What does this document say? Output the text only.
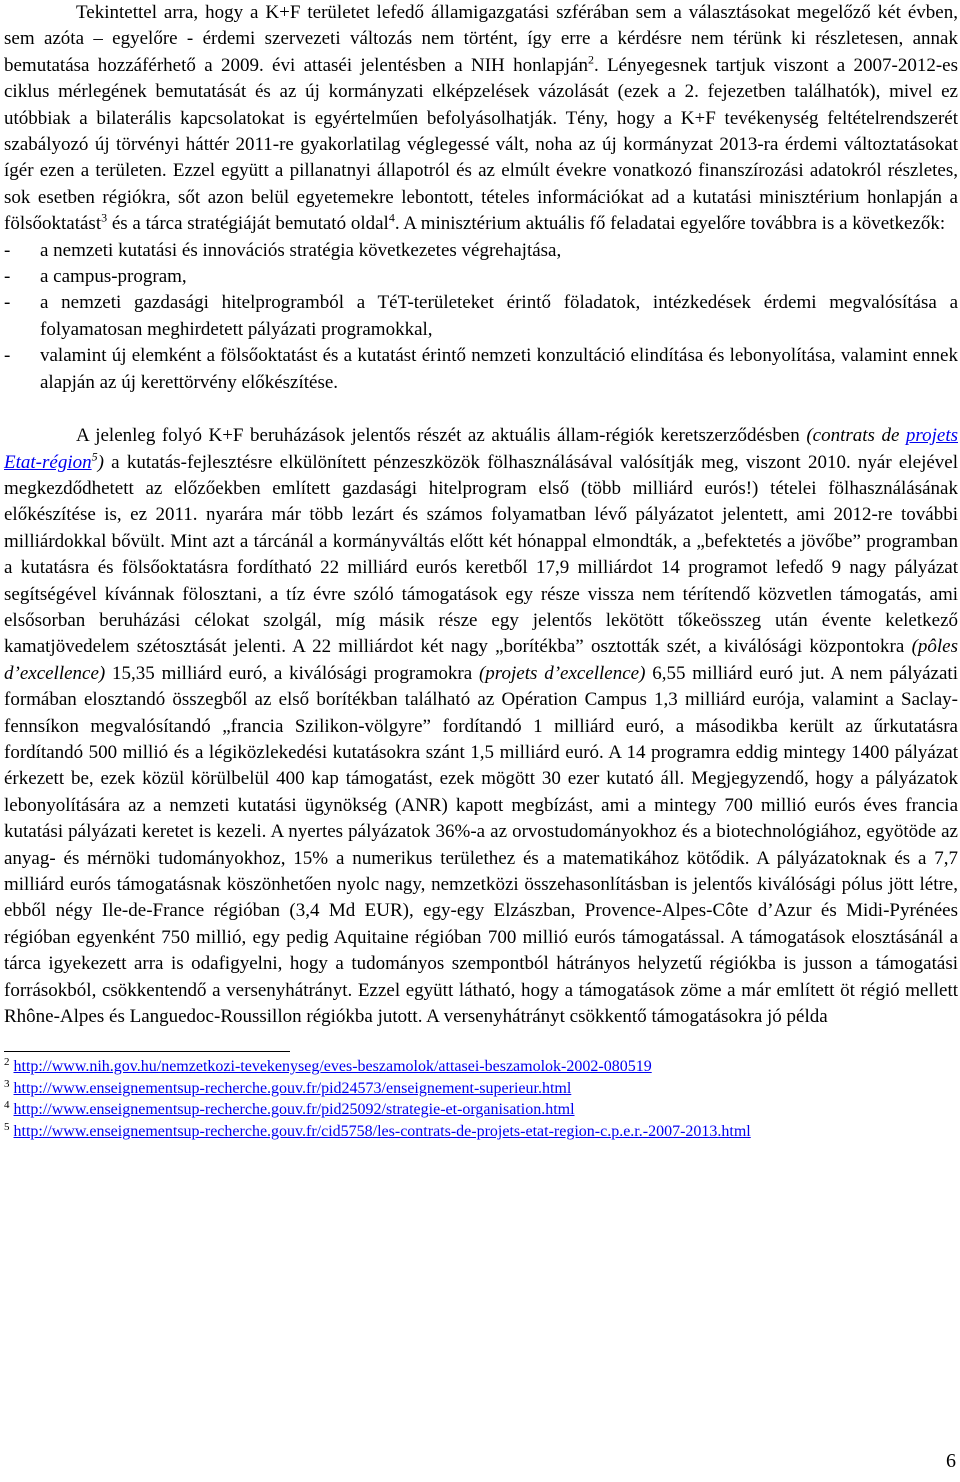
Tekintettel arra, hogy a K+F területet lefedő államigazgatási szférában sem a választásokat megelőző két évben, sem azóta – egyelőre - érdemi szervezeti változás nem történt, így erre a kérdésre nem térünk ki részletesen, annak bemutatása hozzáférhető a 2009. évi attaséi jelentésben a NIH honlapján$^2$. Lényegesnek tartjuk viszont a 2007-2012-es ciklus mérlegének bemutatását és az új kormányzati elképzelések vázolását (ezek a 2. fejezetben találhatók), mivel ez utóbbiak a bilaterális kapcsolatokat is egyértelműen befolyásolhatják. Tény, hogy a K+F tevékenység feltételrendszerét szabályozó új törvényi háttér 2011-re gyakorlatilag véglegessé vált, noha az új kormányzat 2013-ra érdemi változtatásokat ígér ezen a területen. Ezzel együtt a pillanatnyi állapotról és az elmúlt évekre vonatkozó finanszírozási adatokról részletes, sok esetben régiókra, sőt azon belül egyetemekre lebontott, tételes információkat ad a kutatási minisztérium honlapján a fölsőoktatást$^3$ és a tárca stratégiáját bemutató oldal$^4$. A minisztérium aktuális fő feladatai egyelőre továbbra is a következők:

- a nemzeti kutatási és innovációs stratégia következetes végrehajtása,
- a campus-program,
- a nemzeti gazdasági hitelprogramból a TéT-területeket érintő föladatok, intézkedések érdemi megvalósítása a folyamatosan meghirdetett pályázati programokkal,
- valamint új elemként a fölsőoktatást és a kutatást érintő nemzeti konzultáció elindítása és lebonyolítása, valamint ennek alapján az új kerettörvény előkészítése.

A jelenleg folyó K+F beruházások jelentős részét az aktuális állam-régiók keretszerződésben (contrats de projets Etat-région$^5$) a kutatás-fejlesztésre elkülönített pénzeszközök fölhasználásával valósítják meg, viszont 2010. nyár elejével megkezdődhetett az előzőekben említett gazdasági hitelprogram első (több milliárd eurós!) tételei fölhasználásának előkészítése is, ez 2011. nyarára már több lezárt és számos folyamatban lévő pályázatot jelentett, ami 2012-re további milliárdokkal bővült. Mint azt a tárcánál a kormányváltás előtt két hónappal elmondták, a „befektetés a jövőbe” programban a kutatásra és fölsőoktatásra fordítható 22 milliárd eurós keretből 17,9 milliárdot 14 programot lefedő 9 nagy pályázat segítségével kívánnak fölosztani, a tíz évre szóló támogatások egy része vissza nem térítendő közvetlen támogatás, ami elsősorban beruházási célokat szolgál, míg másik része egy jelentős lekötött tőkeösszeg után évente keletkező kamatjövedelem szétosztását jelenti. A 22 milliárdot két nagy „borítékba” osztották szét, a kiválósági központokra (pôles d’excellence) 15,35 milliárd euró, a kiválósági programokra (projets d’excellence) 6,55 milliárd euró jut. A nem pályázati formában elosztandó összegből az első borítékban található az Opération Campus 1,3 milliárd eurója, valamint a Saclay-fennsíkon megvalósítandó „francia Szilikon-völgyre” fordítandó 1 milliárd euró, a másodikba került az űrkutatásra fordítandó 500 millió és a légiközlekedési kutatásokra szánt 1,5 milliárd euró. A 14 programra eddig mintegy 1400 pályázat érkezett be, ezek közül körülbelül 400 kap támogatást, ezek mögött 30 ezer kutató áll. Megjegyzendő, hogy a pályázatok lebonyolítására az a nemzeti kutatási ügynökség (ANR) kapott megbízást, ami a mintegy 700 millió eurós éves francia kutatási pályázati keretet is kezeli. A nyertes pályázatok 36%-a az orvostudományokhoz és a biotechnológiához, egyötöde az anyag- és mérnöki tudományokhoz, 15% a numerikus területhez és a matematikához kötődik. A pályázatoknak és a 7,7 milliárd eurós támogatásnak köszönhetően nyolc nagy, nemzetközi összehasonlításban is jelentős kiválósági pólus jött létre, ebből négy Ile-de-France régióban (3,4 Md EUR), egy-egy Elzászban, Provence-Alpes-Côte d’Azur és Midi-Pyrénées régióban egyenként 750 millió, egy pedig Aquitaine régióban 700 millió eurós támogatással. A támogatások elosztásánál a tárca igyekezett arra is odafigyelni, hogy a tudományos szempontból hátrányos helyzetű régiókba is jusson a támogatási forrásokból, csökkentendő a versenyhátrányt. Ezzel együtt látható, hogy a támogatások zöme a már említett öt régió mellett Rhône-Alpes és Languedoc-Roussillon régiókba jutott. A versenyhátrányt csökkentő támogatásokra jó példa

$^2$ http://www.nih.gov.hu/nemzetkozi-tevekenyseg/eves-beszamolok/attasei-beszamolok-2002-080519
$^3$ http://www.enseignementsup-recherche.gouv.fr/pid24573/enseignement-superieur.html
$^4$ http://www.enseignementsup-recherche.gouv.fr/pid25092/strategie-et-organisation.html
$^5$ http://www.enseignementsup-recherche.gouv.fr/cid5758/les-contrats-de-projets-etat-region-c.p.e.r.-2007-2013.html
6
